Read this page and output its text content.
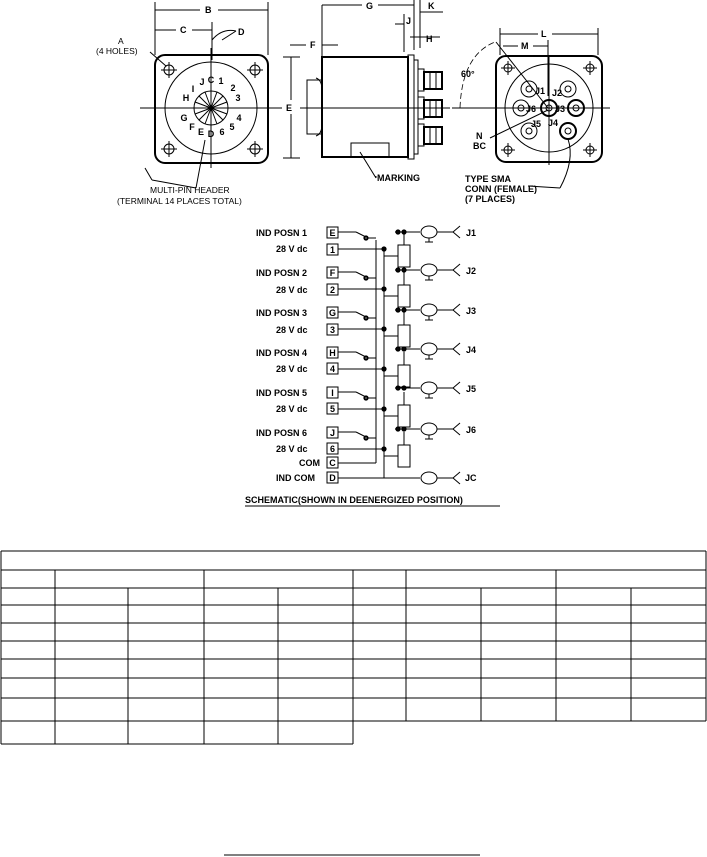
B
C	D
A
(4 HOLES)
C 1
2
3
4
5
6
D
E
F
G
H
I
J
MULTI-PIN HEADER
(TERMINAL 14 PLACES TOTAL)
E
F
G
J
K
H
MARKING
L
M
60°
J1 J2
J3
J4
J5
J6
N
BC
TYPE SMA
CONN (FEMALE)
(7 PLACES)
IND POSN 1 E
28 V dc 1
J1
IND POSN 2	F
28 V dc 2
J2
IND POSN 3 G
28 V dc 3
J3
IND POSN 4 H
28 V dc 4
J4
IND POSN 5	I
28 V dc 5
J5
IND POSN 6	J
28 V dc 6
J6
COM C
IND COM D	JC
SCHEMATIC(SHOWN IN DEENERGIZED POSITION)
